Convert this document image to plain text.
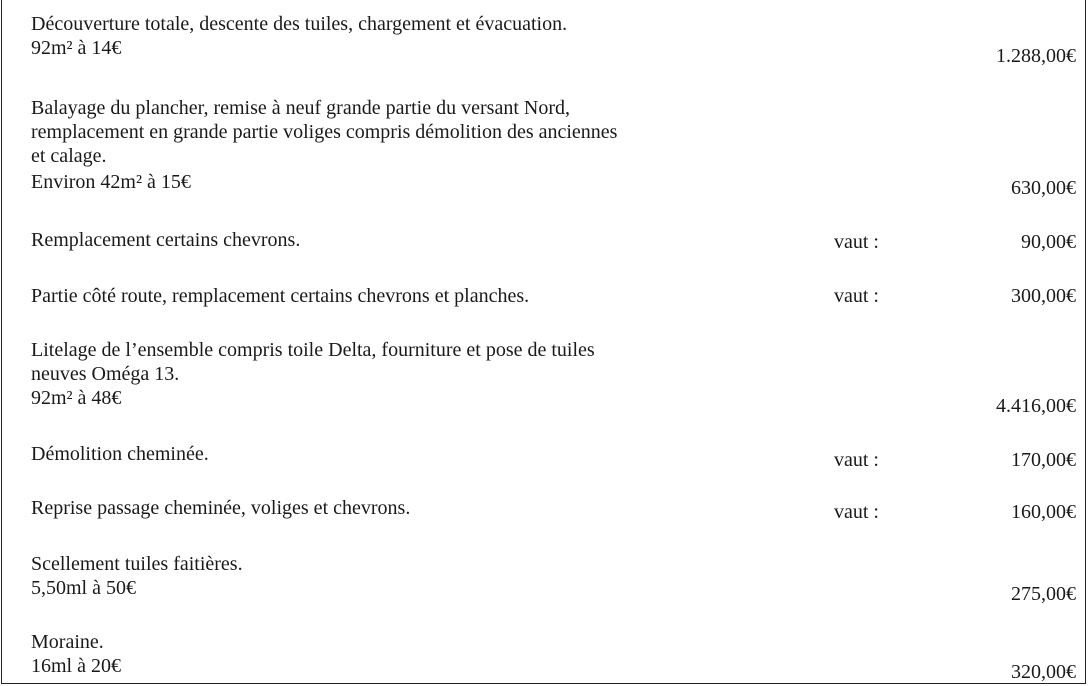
Découverture totale, descente des tuiles, chargement et évacuation.
92m² à 14€	1.288,00€
Balayage du plancher, remise à neuf grande partie du versant Nord,
remplacement en grande partie voliges compris démolition des anciennes
et calage.
Environ 42m² à 15€	630,00€
Remplacement certains chevrons.	vaut :	90,00€
Partie côté route, remplacement certains chevrons et planches.	vaut :	300,00€
Litelage de l’ensemble compris toile Delta, fourniture et pose de tuiles
neuves Oméga 13.
92m² à 48€	4.416,00€
Démolition cheminée.	vaut :	170,00€
Reprise passage cheminée, voliges et chevrons.	vaut :	160,00€
Scellement tuiles faitières.
5,50ml à 50€	275,00€
Moraine.
16ml à 20€	320,00€
